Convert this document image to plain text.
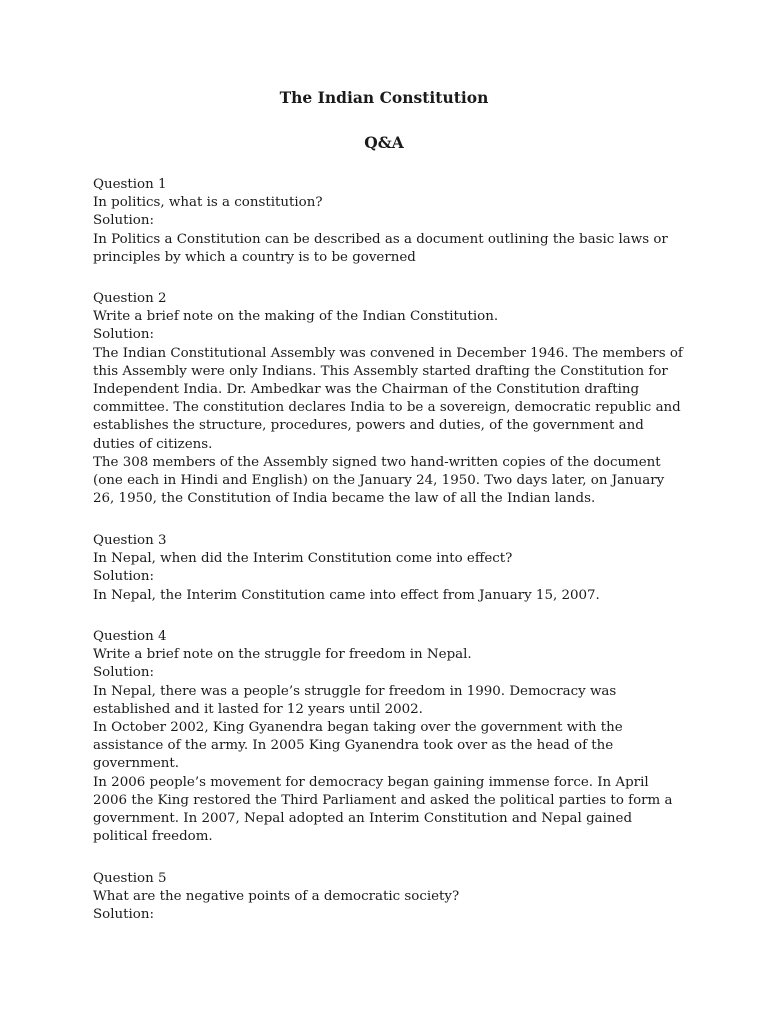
The Indian Constitution
Q&A

Question 1

In politics, what is a constitution?

Solution:

In Politics a Constitution can be described as a document outlining the basic laws or principles by which a country is to be governed

Question 2

Write a brief note on the making of the Indian Constitution.

Solution:

The Indian Constitutional Assembly was convened in December 1946. The members of this Assembly were only Indians. This Assembly started drafting the Constitution for Independent India. Dr. Ambedkar was the Chairman of the Constitution drafting committee. The constitution declares India to be a sovereign, democratic republic and establishes the structure, procedures, powers and duties, of the government and duties of citizens.

The 308 members of the Assembly signed two hand-written copies of the document (one each in Hindi and English) on the January 24, 1950. Two days later, on January 26, 1950, the Constitution of India became the law of all the Indian lands.

Question 3

In Nepal, when did the Interim Constitution come into effect?

Solution:

In Nepal, the Interim Constitution came into effect from January 15, 2007.

Question 4

Write a brief note on the struggle for freedom in Nepal.

Solution:

In Nepal, there was a people’s struggle for freedom in 1990. Democracy was established and it lasted for 12 years until 2002.

In October 2002, King Gyanendra began taking over the government with the assistance of the army. In 2005 King Gyanendra took over as the head of the government.

In 2006 people’s movement for democracy began gaining immense force. In April 2006 the King restored the Third Parliament and asked the political parties to form a government. In 2007, Nepal adopted an Interim Constitution and Nepal gained political freedom.

Question 5

What are the negative points of a democratic society?

Solution:
